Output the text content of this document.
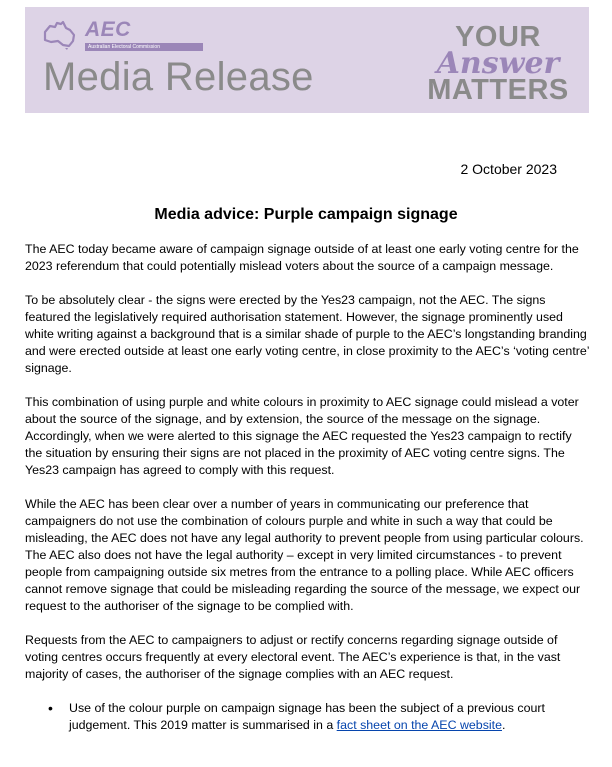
AEC
Australian Electoral Commission
Media Release
YOUR
Answer
MATTERS
2 October 2023
Media advice: Purple campaign signage

The AEC today became aware of campaign signage outside of at least one early voting centre for the 2023 referendum that could potentially mislead voters about the source of a campaign message.

To be absolutely clear - the signs were erected by the Yes23 campaign, not the AEC. The signs featured the legislatively required authorisation statement. However, the signage prominently used white writing against a background that is a similar shade of purple to the AEC’s longstanding branding and were erected outside at least one early voting centre, in close proximity to the AEC’s ‘voting centre’ signage.

This combination of using purple and white colours in proximity to AEC signage could mislead a voter about the source of the signage, and by extension, the source of the message on the signage. Accordingly, when we were alerted to this signage the AEC requested the Yes23 campaign to rectify the situation by ensuring their signs are not placed in the proximity of AEC voting centre signs. The Yes23 campaign has agreed to comply with this request.

While the AEC has been clear over a number of years in communicating our preference that campaigners do not use the combination of colours purple and white in such a way that could be misleading, the AEC does not have any legal authority to prevent people from using particular colours. The AEC also does not have the legal authority – except in very limited circumstances - to prevent people from campaigning outside six metres from the entrance to a polling place. While AEC officers cannot remove signage that could be misleading regarding the source of the message, we expect our request to the authoriser of the signage to be complied with.

Requests from the AEC to campaigners to adjust or rectify concerns regarding signage outside of voting centres occurs frequently at every electoral event. The AEC’s experience is that, in the vast majority of cases, the authoriser of the signage complies with an AEC request.

• Use of the colour purple on campaign signage has been the subject of a previous court judgement. This 2019 matter is summarised in a fact sheet on the AEC website.
